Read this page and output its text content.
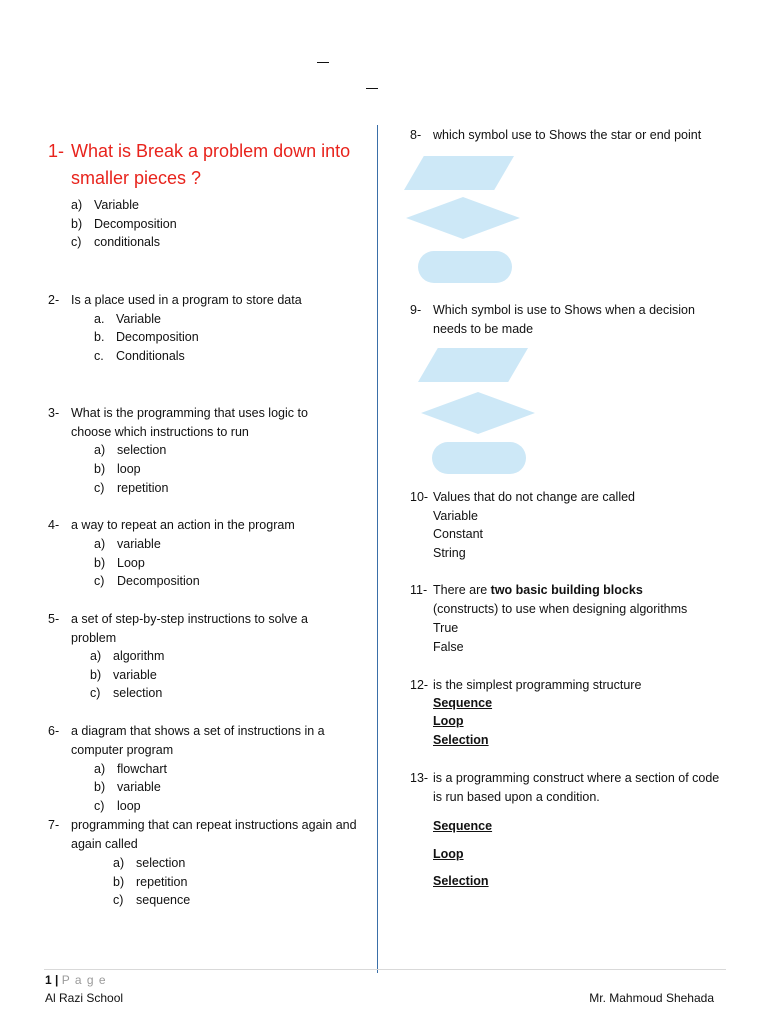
1- What is Break a problem down into smaller pieces ?
a) Variable
b) Decomposition
c) conditionals
2- Is a place used in a program to store data
a. Variable
b. Decomposition
c. Conditionals
3- What is the programming that uses logic to choose which instructions to run
a) selection
b) loop
c) repetition
4- a way to repeat an action in the program
a) variable
b) Loop
c) Decomposition
5- a set of step-by-step instructions to solve a problem
a) algorithm
b) variable
c) selection
6- a diagram that shows a set of instructions in a computer program
a) flowchart
b) variable
c) loop
7- programming that can repeat instructions again and again called
a) selection
b) repetition
c) sequence
8- which symbol use to Shows the star or end point
9- Which symbol is use to Shows when a decision needs to be made
10- Values that do not change are called
Variable
Constant
String
11- There are two basic building blocks
(constructs) to use when designing algorithms
True
False
12- is the simplest programming structure
Sequence
Loop
Selection
13- is a programming construct where a section of code is run based upon a condition.
Sequence
Loop
Selection
1 | P a g e
Al Razi School	Mr. Mahmoud Shehada
